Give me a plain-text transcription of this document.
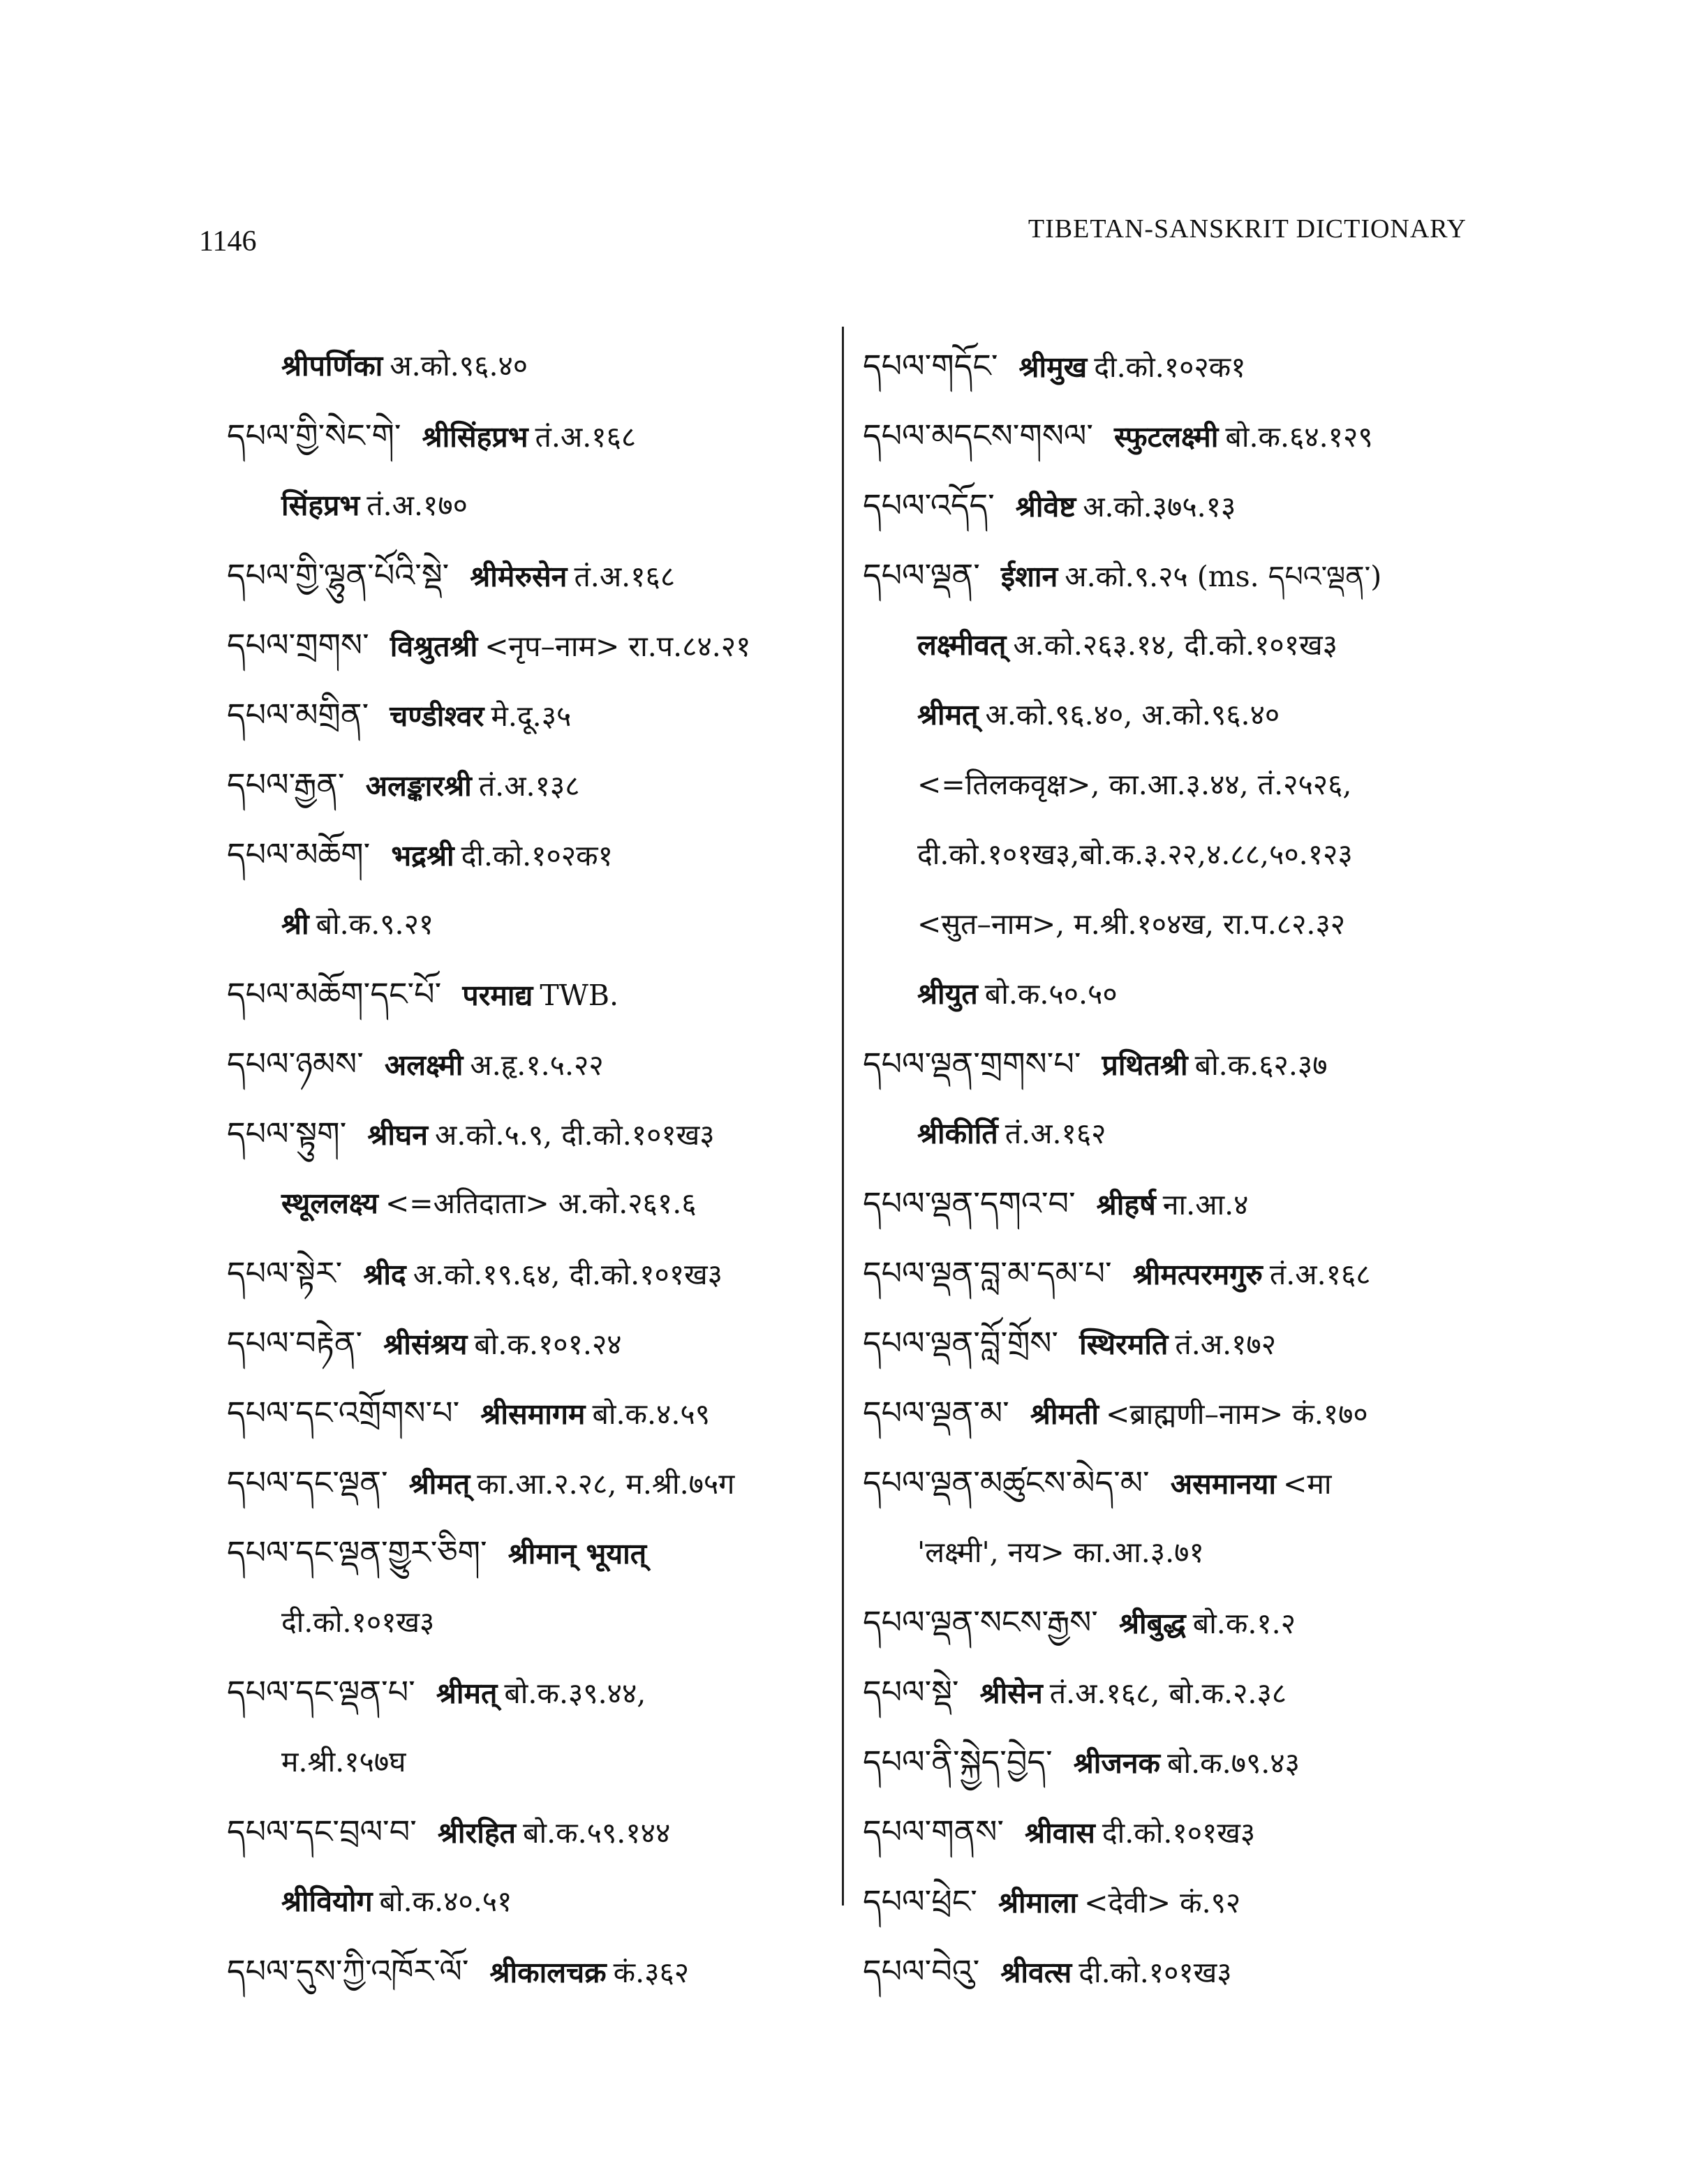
1146	TIBETAN-SANSKRIT DICTIONARY
श्रीपर्णिका अ.को.९६.४०
དཔལ་གྱི་སེང་གེ་ श्रीसिंहप्रभ तं.अ.१६८
सिंहप्रभ तं.अ.१७०
དཔལ་གྱི་ལྷུན་པོའི་སྡེ་ श्रीमेरुसेन तं.अ.१६८
དཔལ་གྲགས་ विश्रुतश्री <नृप–नाम> रा.प.८४.२१
དཔལ་མགྲིན་ चण्डीश्वर मे.दू.३५
དཔལ་རྒྱན་ अलङ्कारश्री तं.अ.१३८
དཔལ་མཆོག་ भद्रश्री दी.को.१०२क१
श्री बो.क.९.२१
དཔལ་མཆོག་དང་པོ་ परमाद्य TWB.
དཔལ་ཉམས་ अलक्ष्मी अ.हृ.१.५.२२
དཔལ་སྟུག་ श्रीघन अ.को.५.९, दी.को.१०१ख३
स्थूललक्ष्य <=अतिदाता> अ.को.२६१.६
དཔལ་སྟེར་ श्रीद अ.को.१९.६४, दी.को.१०१ख३
དཔལ་བརྟེན་ श्रीसंश्रय बो.क.१०१.२४
དཔལ་དང་འགྲོགས་པ་ श्रीसमागम बो.क.४.५९
དཔལ་དང་ལྡན་ श्रीमत् का.आ.२.२८, म.श्री.७५ग
དཔལ་དང་ལྡན་གྱུར་ཅིག་ श्रीमान् भूयात्
दी.को.१०१ख३
དཔལ་དང་ལྡན་པ་ श्रीमत् बो.क.३९.४४,
म.श्री.१५७घ
དཔལ་དང་བྲལ་བ་ श्रीरहित बो.क.५९.१४४
श्रीवियोग बो.क.४०.५१
དཔལ་དུས་ཀྱི་འཁོར་ལོ་ श्रीकालचक्र कं.३६२
དཔལ་གདོང་ श्रीमुख दी.को.१०२क१
དཔལ་མདངས་གསལ་ स्फुटलक्ष्मी बो.क.६४.१२९
དཔལ་འདོད་ श्रीवेष्ट अ.को.३७५.१३
དཔལ་ལྡན་ ईशान अ.को.९.२५ (ms. དཔའ་ལྡན་)
लक्ष्मीवत् अ.को.२६३.१४, दी.को.१०१ख३
श्रीमत् अ.को.९६.४०, अ.को.९६.४०
<=तिलकवृक्ष>, का.आ.३.४४, तं.२५२६,
दी.को.१०१ख३,बो.क.३.२२,४.८८,५०.१२३
<सुत–नाम>, म.श्री.१०४ख, रा.प.८२.३२
श्रीयुत बो.क.५०.५०
དཔལ་ལྡན་གྲགས་པ་ प्रथितश्री बो.क.६२.३७
श्रीकीर्ति तं.अ.१६२
དཔལ་ལྡན་དགའ་བ་ श्रीहर्ष ना.आ.४
དཔལ་ལྡན་བླ་མ་དམ་པ་ श्रीमत्परमगुरु तं.अ.१६८
དཔལ་ལྡན་བློ་གྲོས་ स्थिरमति तं.अ.१७२
དཔལ་ལྡན་མ་ श्रीमती <ब्राह्मणी–नाम> कं.१७०
དཔལ་ལྡན་མཚུངས་མེད་མ་ असमानया <मा
'लक्ष्मी', नय> का.आ.३.७१
དཔལ་ལྡན་སངས་རྒྱས་ श्रीबुद्ध बो.क.१.२
དཔལ་སྡེ་ श्रीसेन तं.अ.१६८, बो.क.२.३८
དཔལ་ནི་སྐྱེད་བྱེད་ श्रीजनक बो.क.७९.४३
དཔལ་གནས་ श्रीवास दी.को.१०१ख३
དཔལ་ཕྲེང་ श्रीमाला <देवी> कं.९२
དཔལ་བེའུ་ श्रीवत्स दी.को.१०१ख३
